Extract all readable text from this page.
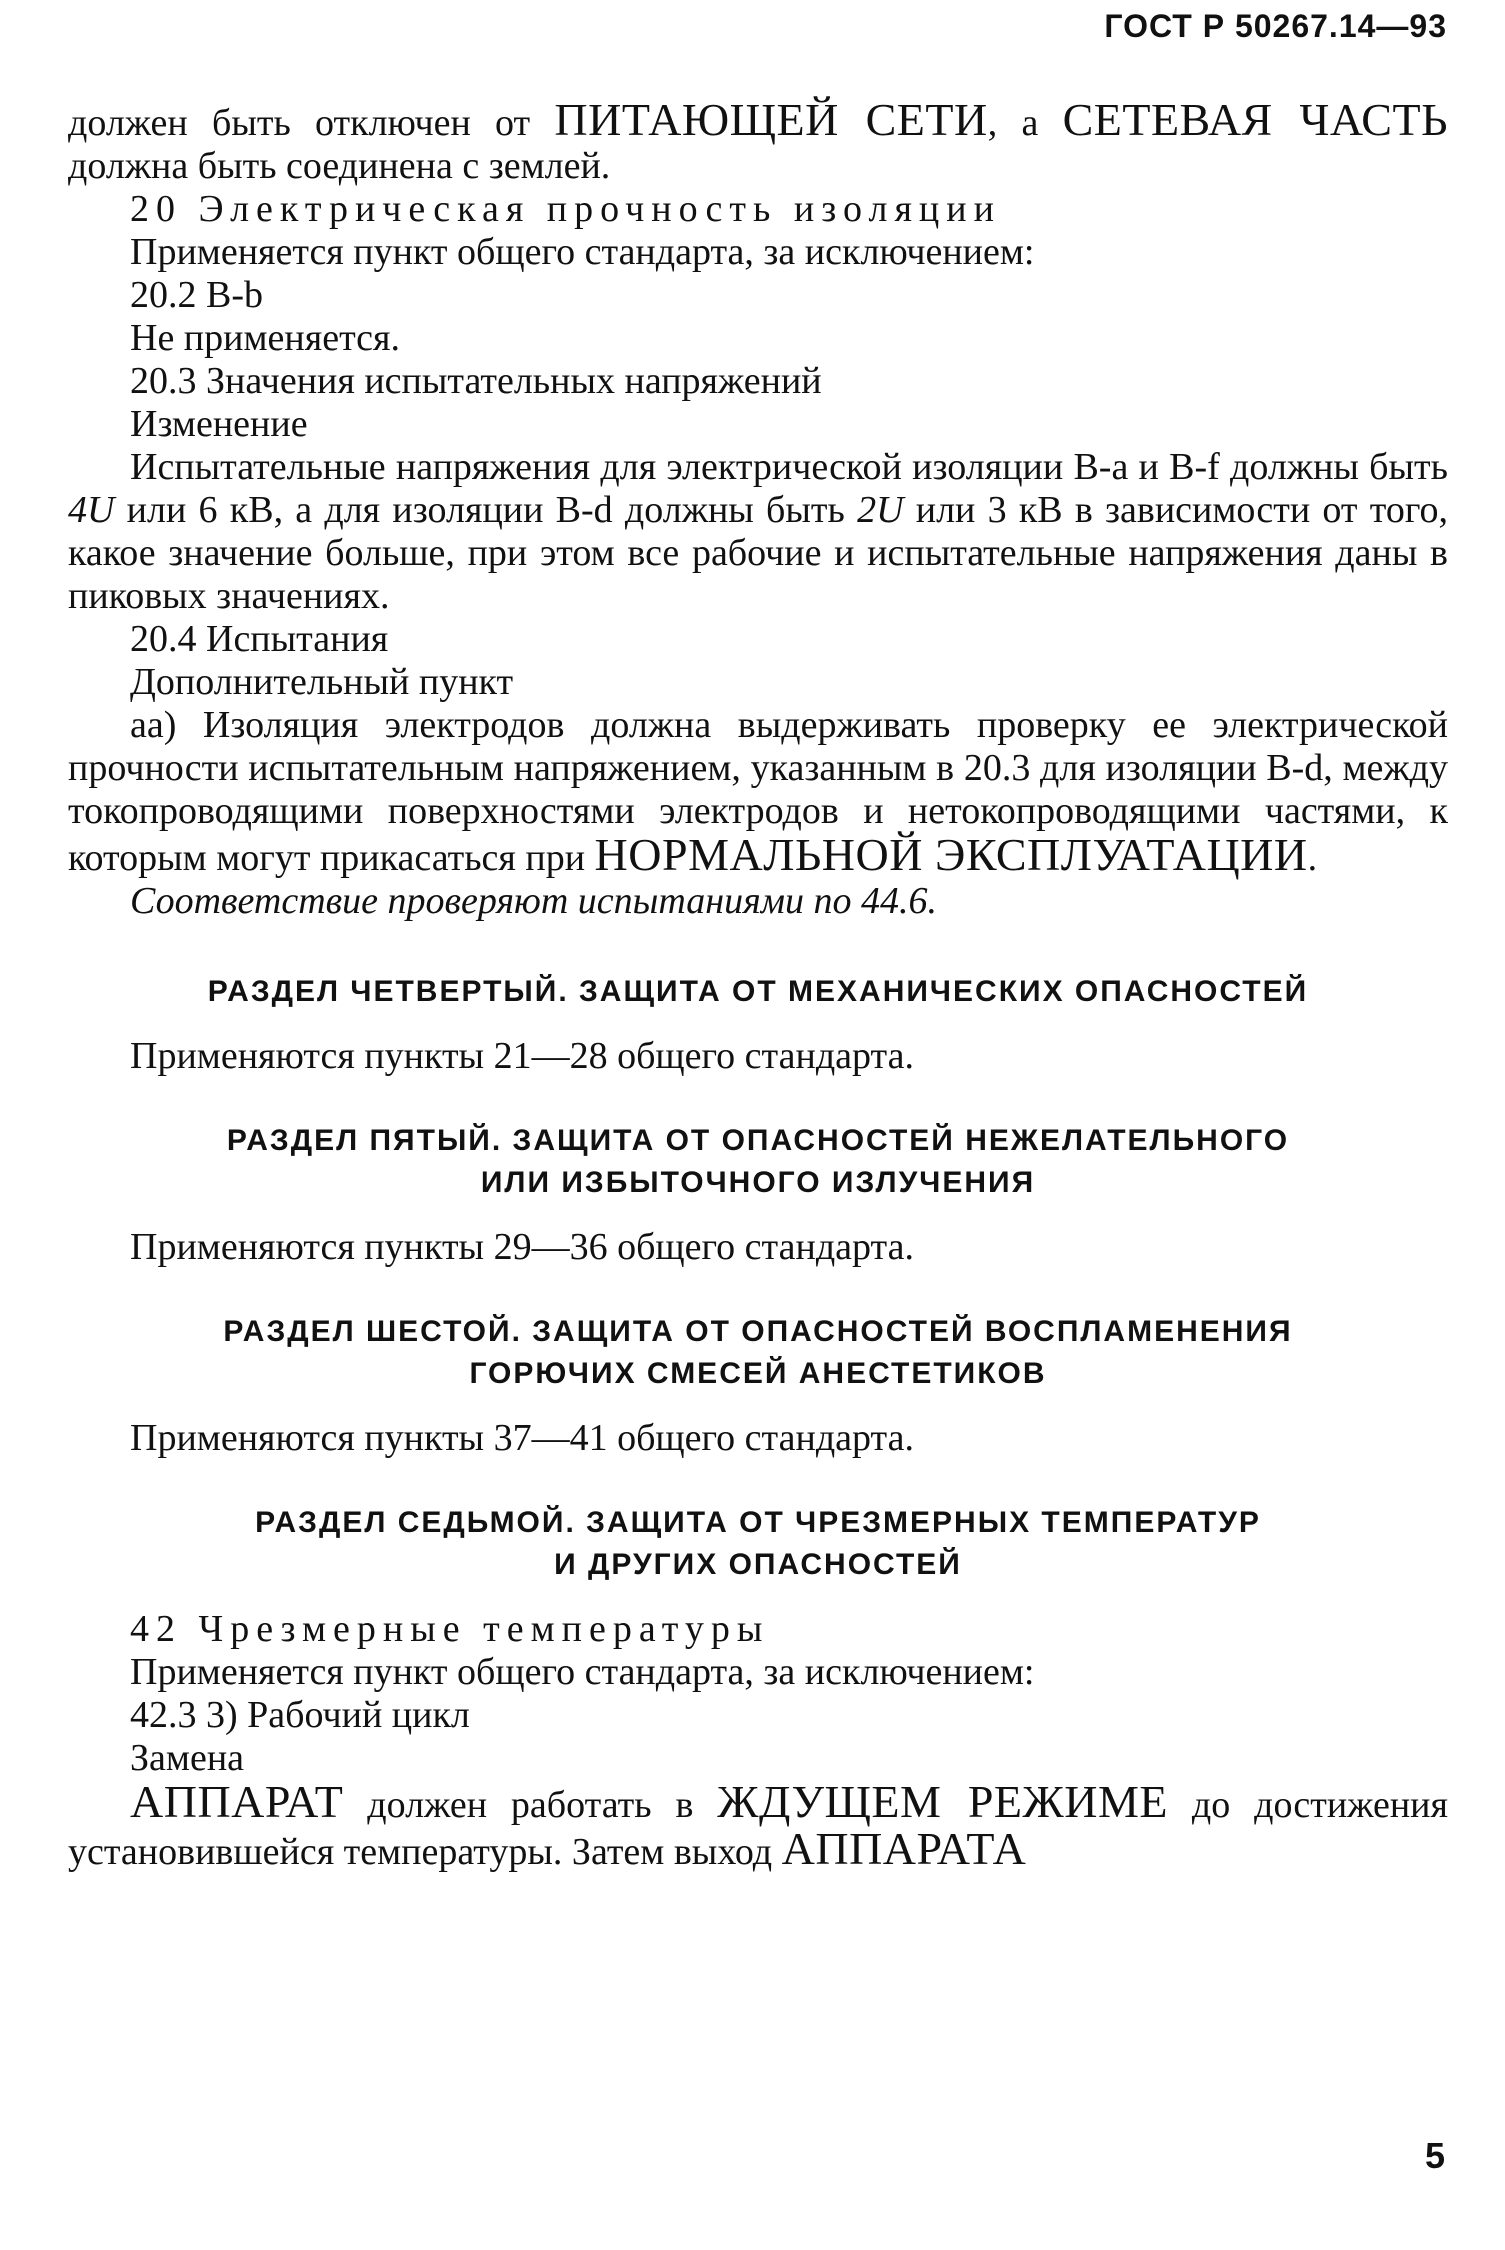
ГОСТ Р 50267.14—93

должен быть отключен от ПИТАЮЩЕЙ СЕТИ, а СЕТЕВАЯ ЧАСТЬ должна быть соединена с землей.

20 Электрическая прочность изоляции

Применяется пункт общего стандарта, за исключением:

20.2 В-b

Не применяется.

20.3 Значения испытательных напряжений

Изменение

Испытательные напряжения для электрической изоляции В-а и В-f должны быть 4U или 6 кВ, а для изоляции B-d должны быть 2U или 3 кВ в зависимости от того, какое значение больше, при этом все рабочие и испытательные напряжения даны в пиковых значениях.

20.4 Испытания

Дополнительный пункт

аа) Изоляция электродов должна выдерживать проверку ее электрической прочности испытательным напряжением, указанным в 20.3 для изоляции B-d, между токопроводящими поверхностями электродов и нетокопроводящими частями, к которым могут прикасаться при НОРМАЛЬНОЙ ЭКСПЛУАТАЦИИ.

Соответствие проверяют испытаниями по 44.6.

РАЗДЕЛ ЧЕТВЕРТЫЙ. ЗАЩИТА ОТ МЕХАНИЧЕСКИХ ОПАСНОСТЕЙ

Применяются пункты 21—28 общего стандарта.

РАЗДЕЛ ПЯТЫЙ. ЗАЩИТА ОТ ОПАСНОСТЕЙ НЕЖЕЛАТЕЛЬНОГО

ИЛИ ИЗБЫТОЧНОГО ИЗЛУЧЕНИЯ

Применяются пункты 29—36 общего стандарта.

РАЗДЕЛ ШЕСТОЙ. ЗАЩИТА ОТ ОПАСНОСТЕЙ ВОСПЛАМЕНЕНИЯ

ГОРЮЧИХ СМЕСЕЙ АНЕСТЕТИКОВ

Применяются пункты 37—41 общего стандарта.

РАЗДЕЛ СЕДЬМОЙ. ЗАЩИТА ОТ ЧРЕЗМЕРНЫХ ТЕМПЕРАТУР

И ДРУГИХ ОПАСНОСТЕЙ

42 Чрезмерные температуры

Применяется пункт общего стандарта, за исключением:

42.3 3) Рабочий цикл

Замена

АППАРАТ должен работать в ЖДУЩЕМ РЕЖИМЕ до достижения установившейся температуры. Затем выход АППАРАТА

5
